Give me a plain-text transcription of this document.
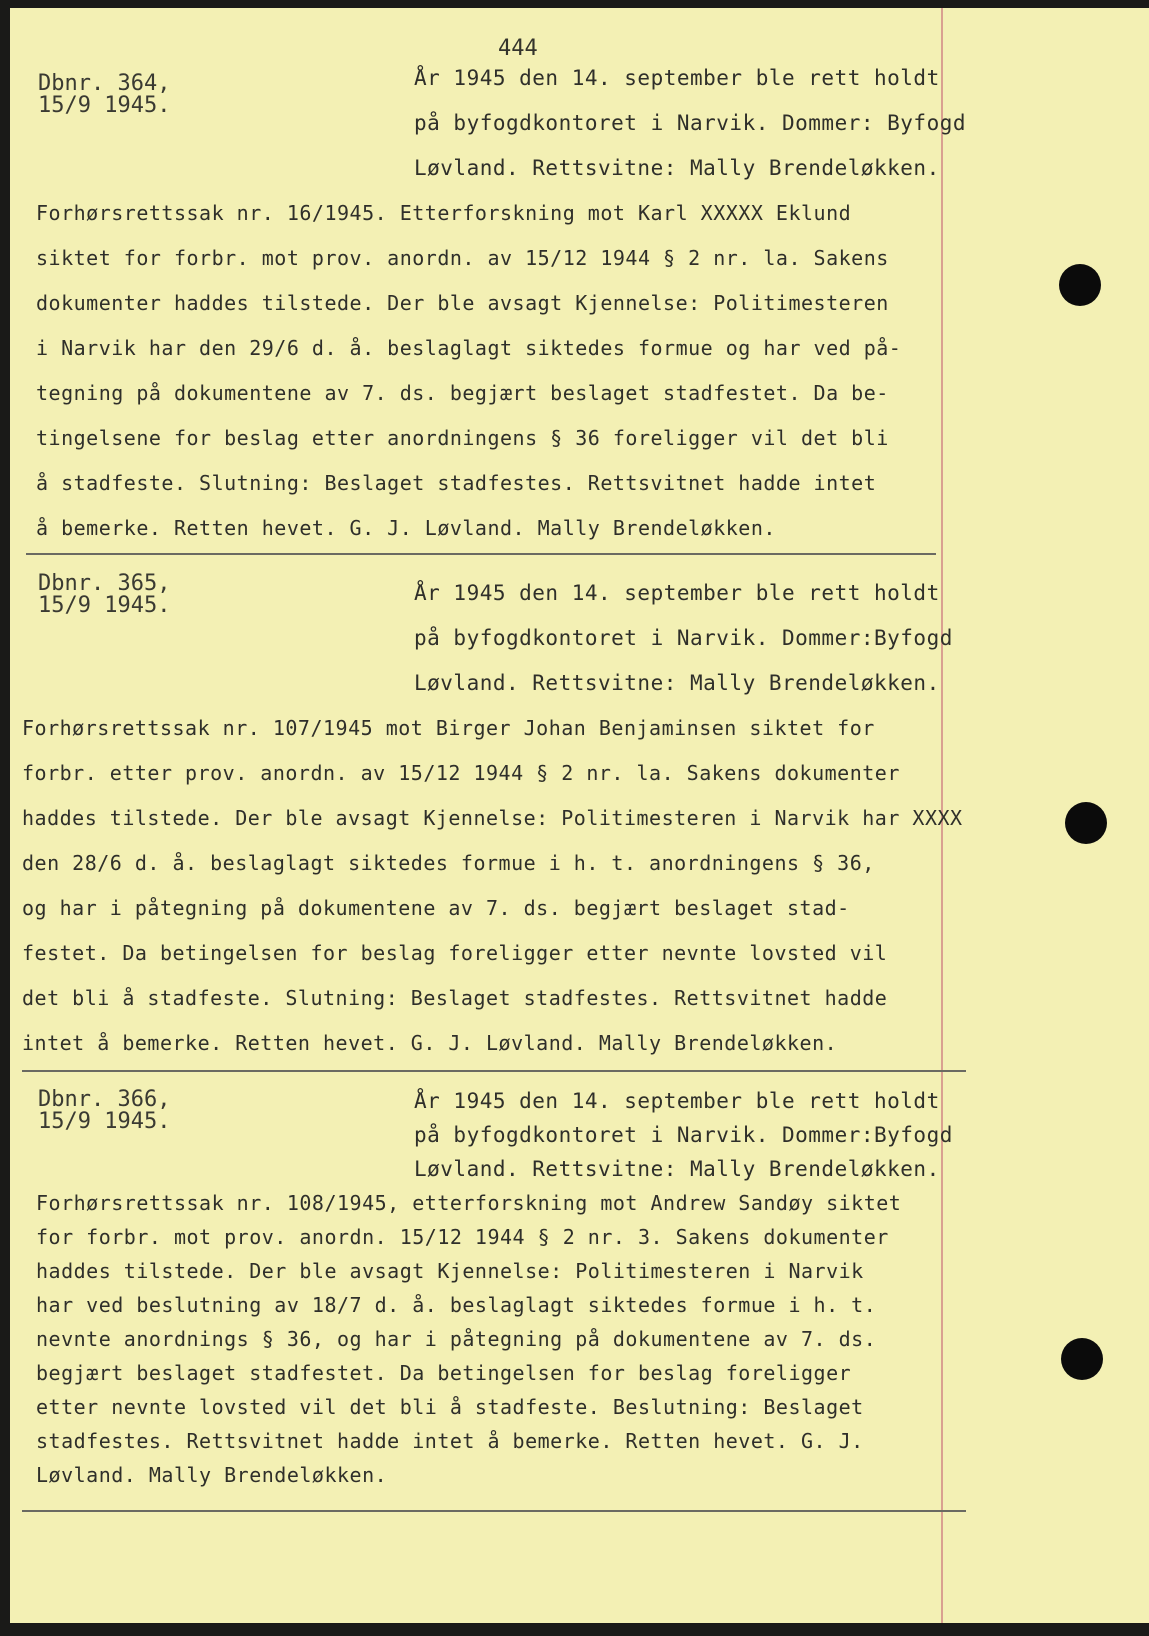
444
Dbnr. 364,
15/9 1945.
År 1945 den 14. september ble rett holdt
på byfogdkontoret i Narvik. Dommer: Byfogd
Løvland. Rettsvitne: Mally Brendeløkken.
Forhørsrettssak nr. 16/1945. Etterforskning mot Karl XXXXX Eklund
siktet for forbr. mot prov. anordn. av 15/12 1944 § 2 nr. la. Sakens
dokumenter haddes tilstede. Der ble avsagt Kjennelse: Politimesteren
i Narvik har den 29/6 d. å. beslaglagt siktedes formue og har ved på-
tegning på dokumentene av 7. ds. begjært beslaget stadfestet. Da be-
tingelsene for beslag etter anordningens § 36 foreligger vil det bli
å stadfeste. Slutning: Beslaget stadfestes. Rettsvitnet hadde intet
å bemerke. Retten hevet. G. J. Løvland. Mally Brendeløkken.
Dbnr. 365,
15/9 1945.	År 1945 den 14. september ble rett holdt
på byfogdkontoret i Narvik. Dommer:Byfogd
Løvland. Rettsvitne: Mally Brendeløkken.
Forhørsrettssak nr. 107/1945 mot Birger Johan Benjaminsen siktet for
forbr. etter prov. anordn. av 15/12 1944 § 2 nr. la. Sakens dokumenter
haddes tilstede. Der ble avsagt Kjennelse: Politimesteren i Narvik har XXXX
den 28/6 d. å. beslaglagt siktedes formue i h. t. anordningens § 36,
og har i påtegning på dokumentene av 7. ds. begjært beslaget stad-
festet. Da betingelsen for beslag foreligger etter nevnte lovsted vil
det bli å stadfeste. Slutning: Beslaget stadfestes. Rettsvitnet hadde
intet å bemerke. Retten hevet. G. J. Løvland. Mally Brendeløkken.
Dbnr. 366,
15/9 1945.
År 1945 den 14. september ble rett holdt
på byfogdkontoret i Narvik. Dommer:Byfogd
Løvland. Rettsvitne: Mally Brendeløkken.
Forhørsrettssak nr. 108/1945, etterforskning mot Andrew Sandøy siktet
for forbr. mot prov. anordn. 15/12 1944 § 2 nr. 3. Sakens dokumenter
haddes tilstede. Der ble avsagt Kjennelse: Politimesteren i Narvik
har ved beslutning av 18/7 d. å. beslaglagt siktedes formue i h. t.
nevnte anordnings § 36, og har i påtegning på dokumentene av 7. ds.
begjært beslaget stadfestet. Da betingelsen for beslag foreligger
etter nevnte lovsted vil det bli å stadfeste. Beslutning: Beslaget
stadfestes. Rettsvitnet hadde intet å bemerke. Retten hevet. G. J.
Løvland. Mally Brendeløkken.
